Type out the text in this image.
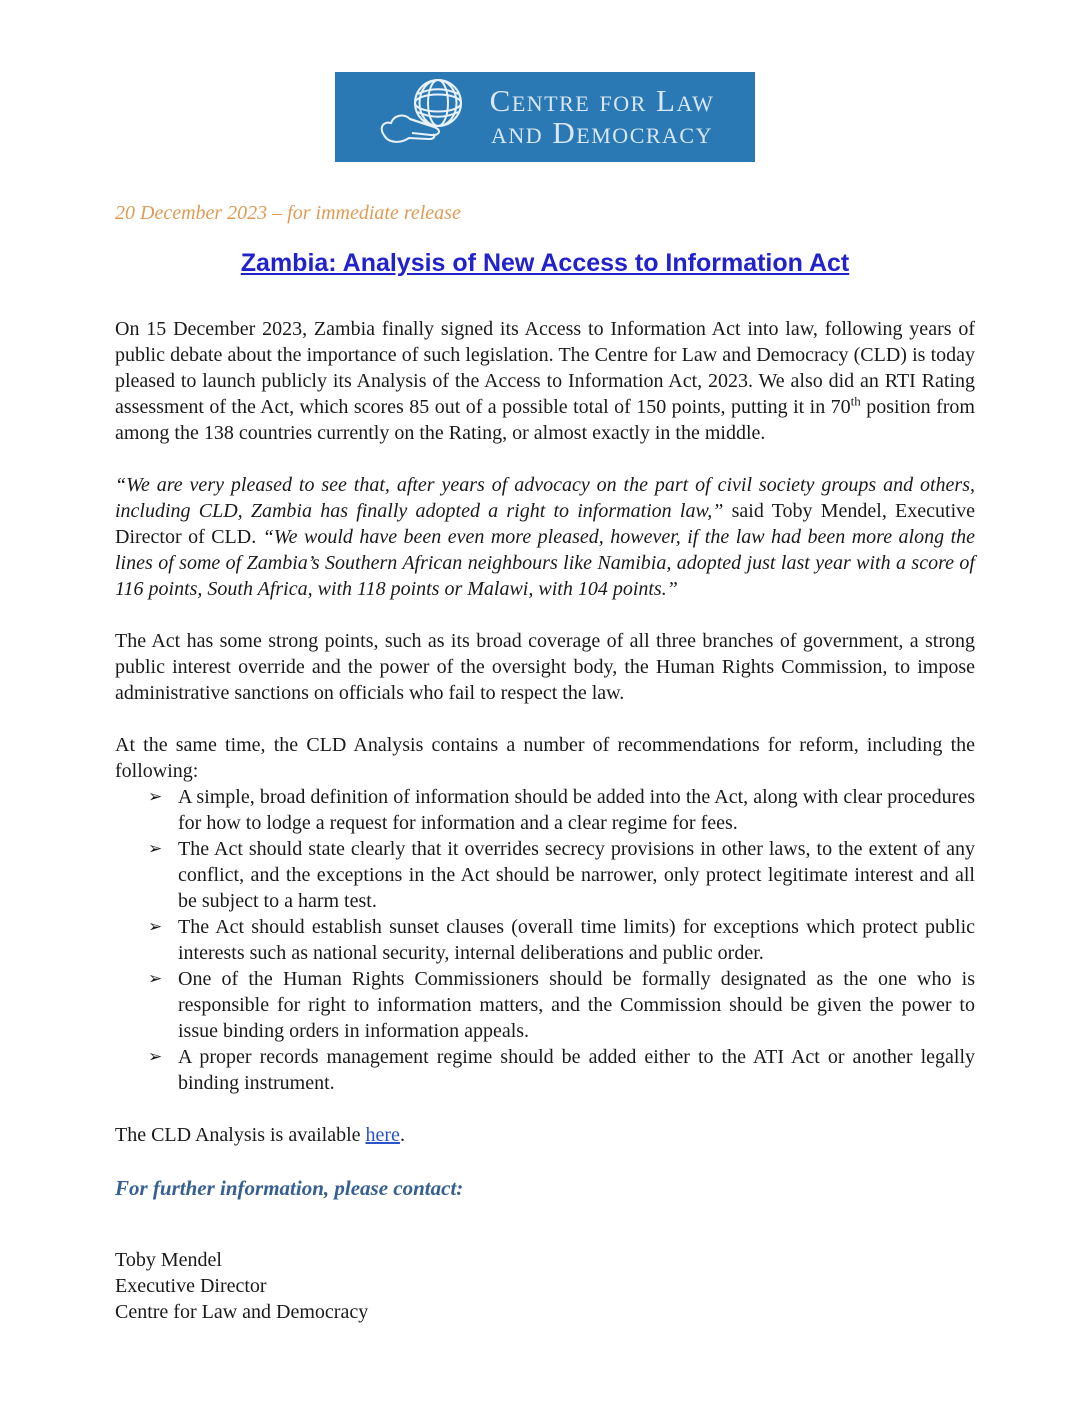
Centre for Law
and Democracy

20 December 2023 – for immediate release

Zambia: Analysis of New Access to Information Act

On 15 December 2023, Zambia finally signed its Access to Information Act into law, following years of public debate about the importance of such legislation. The Centre for Law and Democracy (CLD) is today pleased to launch publicly its Analysis of the Access to Information Act, 2023. We also did an RTI Rating assessment of the Act, which scores 85 out of a possible total of 150 points, putting it in 70th position from among the 138 countries currently on the Rating, or almost exactly in the middle.

“We are very pleased to see that, after years of advocacy on the part of civil society groups and others, including CLD, Zambia has finally adopted a right to information law,” said Toby Mendel, Executive Director of CLD. “We would have been even more pleased, however, if the law had been more along the lines of some of Zambia’s Southern African neighbours like Namibia, adopted just last year with a score of 116 points, South Africa, with 118 points or Malawi, with 104 points.”

The Act has some strong points, such as its broad coverage of all three branches of government, a strong public interest override and the power of the oversight body, the Human Rights Commission, to impose administrative sanctions on officials who fail to respect the law.

At the same time, the CLD Analysis contains a number of recommendations for reform, including the following:

➢ A simple, broad definition of information should be added into the Act, along with clear procedures for how to lodge a request for information and a clear regime for fees.
➢ The Act should state clearly that it overrides secrecy provisions in other laws, to the extent of any conflict, and the exceptions in the Act should be narrower, only protect legitimate interest and all be subject to a harm test.
➢ The Act should establish sunset clauses (overall time limits) for exceptions which protect public interests such as national security, internal deliberations and public order.
➢ One of the Human Rights Commissioners should be formally designated as the one who is responsible for right to information matters, and the Commission should be given the power to issue binding orders in information appeals.
➢ A proper records management regime should be added either to the ATI Act or another legally binding instrument.

The CLD Analysis is available here.

For further information, please contact:

Toby Mendel
Executive Director
Centre for Law and Democracy
